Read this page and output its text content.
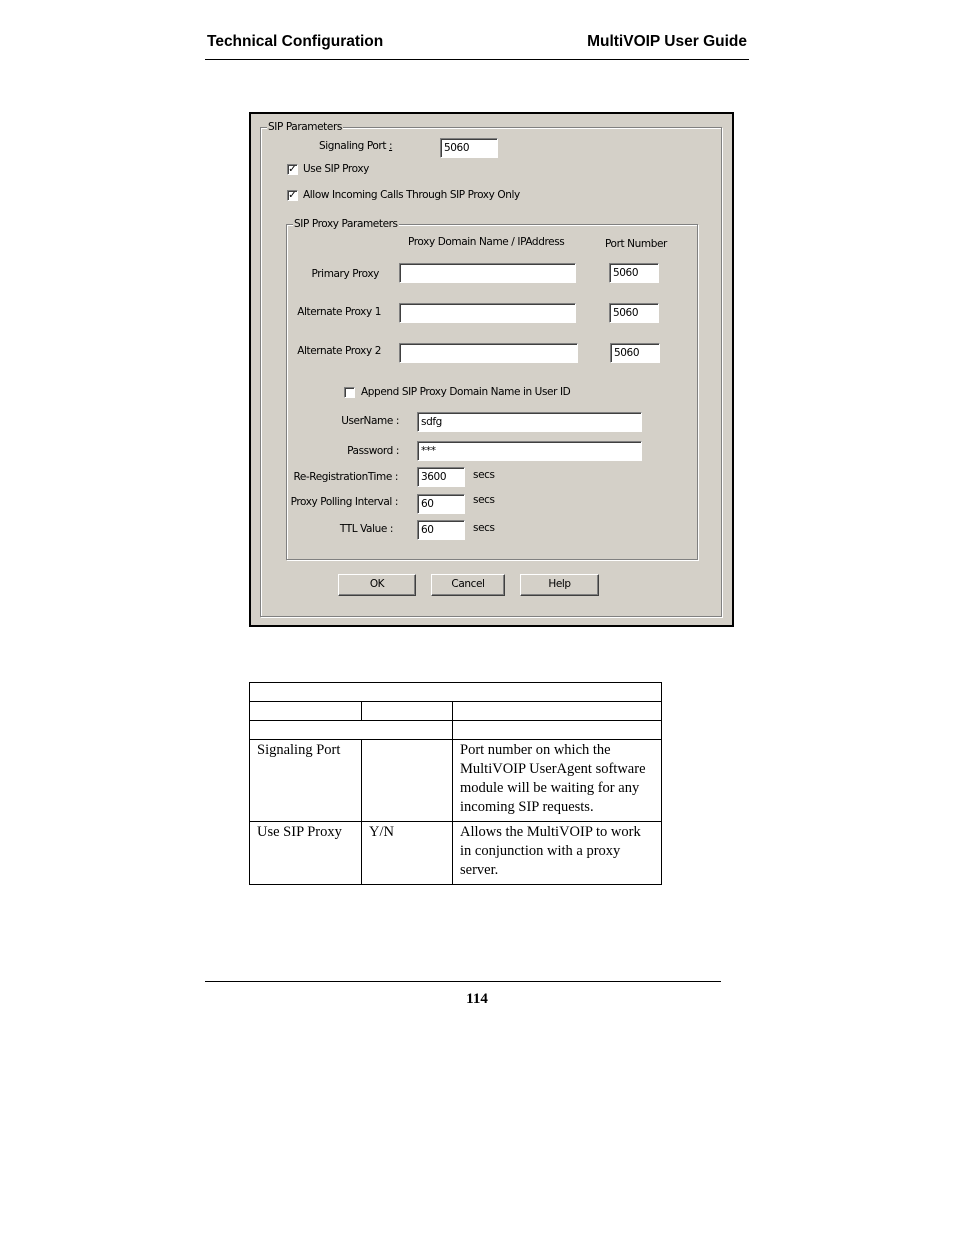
Technical Configuration	MultiVOIP User Guide
SIP Parameters
Signaling Port :	5060
✓ Use SIP Proxy
✓ Allow Incoming Calls Through SIP Proxy Only
SIP Proxy Parameters
Proxy Domain Name / IPAddress	Port Number
Primary Proxy	5060
Alternate Proxy 1	5060
Alternate Proxy 2	5060
Append SIP Proxy Domain Name in User ID
UserName :	sdfg
Password :	***
Re-RegistrationTime :	3600	secs
Proxy Polling Interval :	60	secs
TTL Value :	60	secs
OK	Cancel	Help

Signaling Port		Port number on which the MultiVOIP UserAgent software module will be waiting for any incoming SIP requests.
Use SIP Proxy	Y/N	Allows the MultiVOIP to work in conjunction with a proxy server.
114
